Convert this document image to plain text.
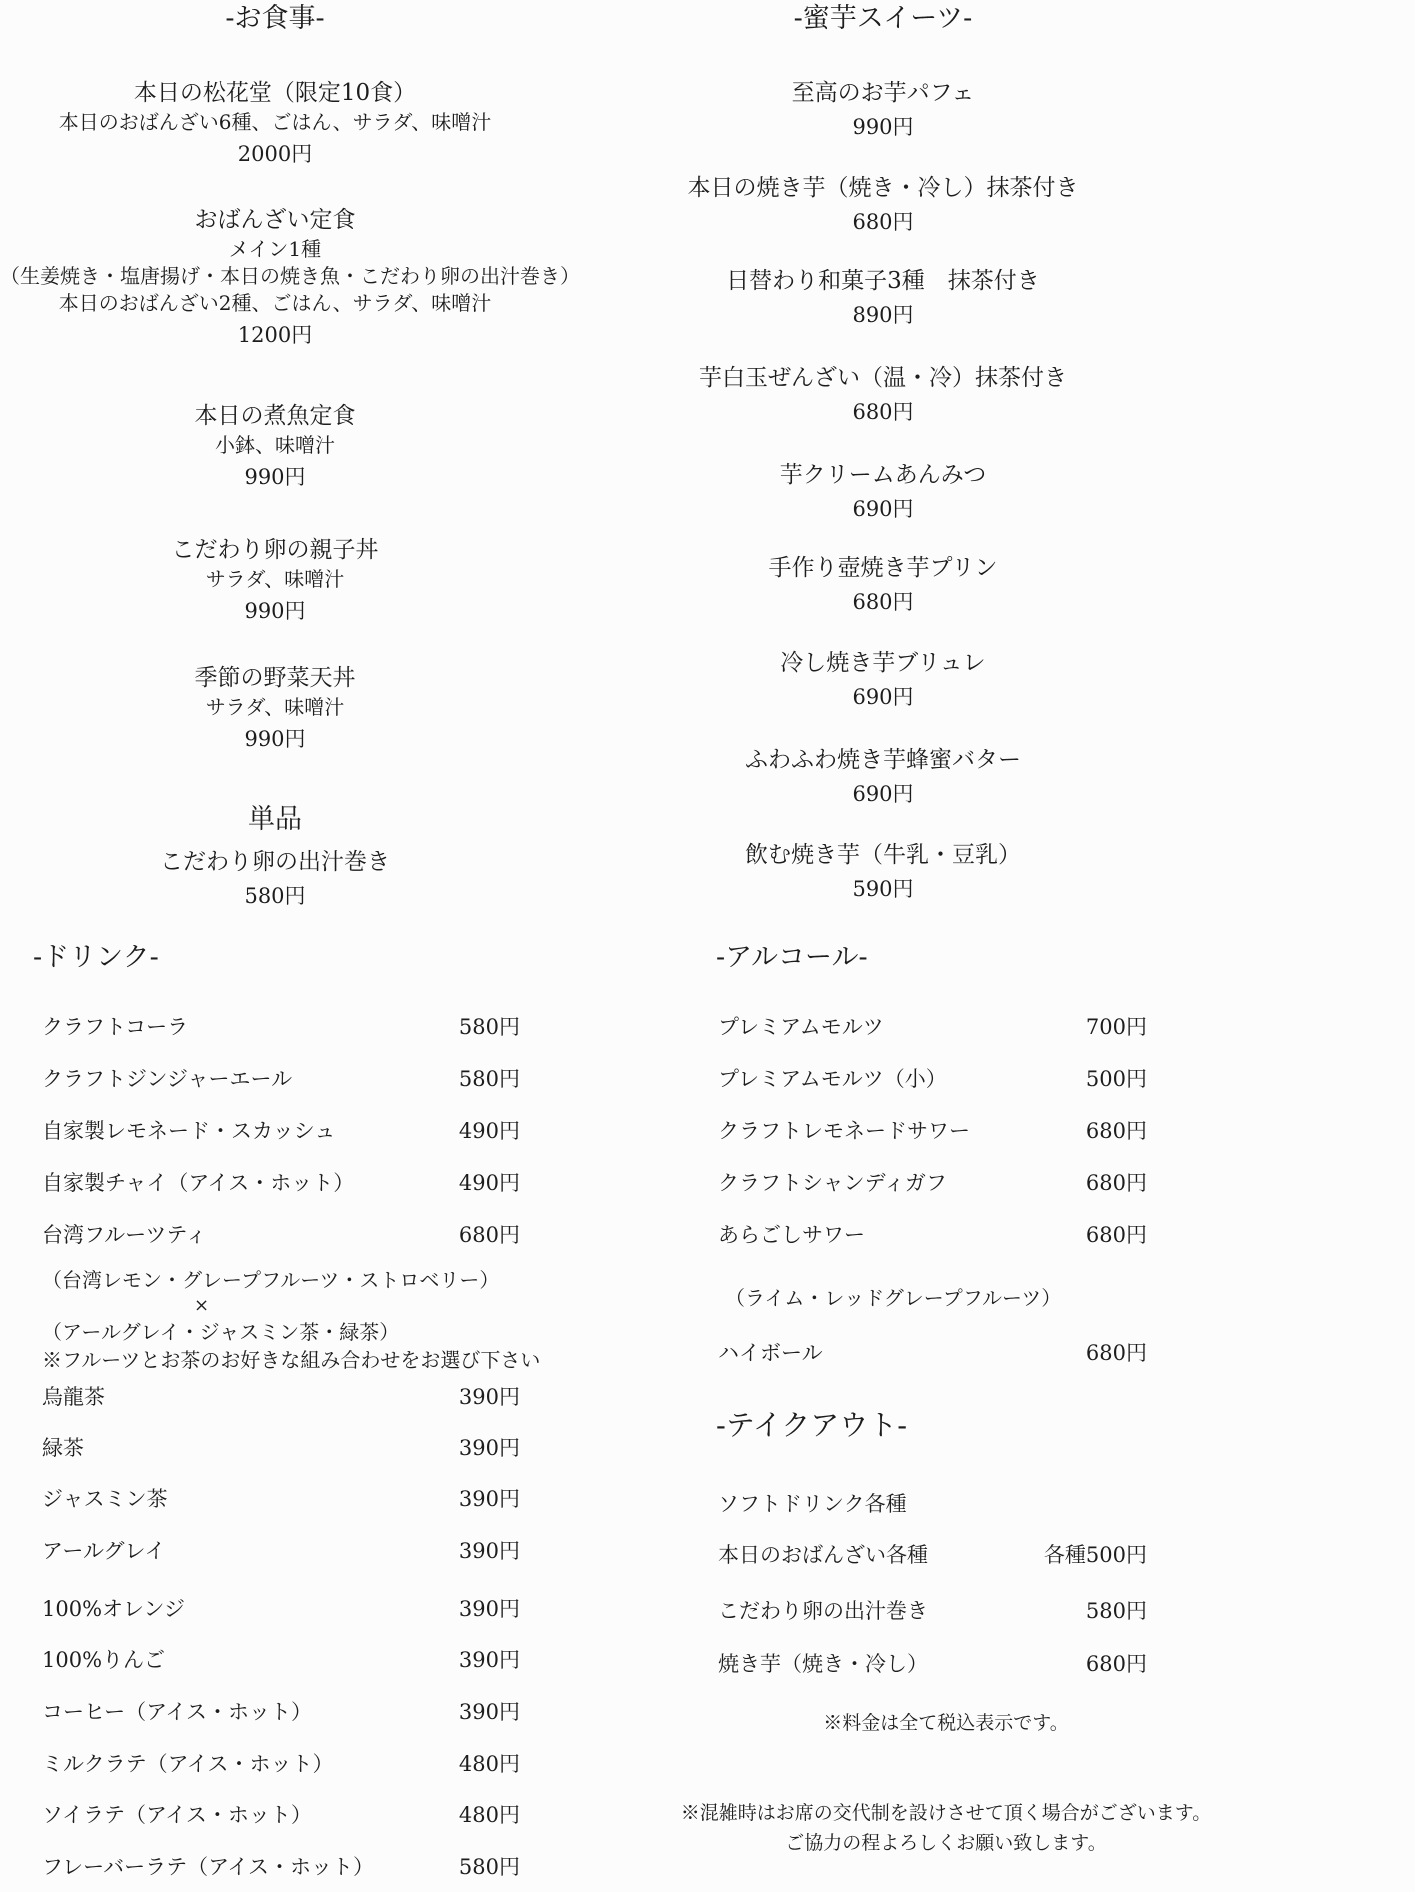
-お食事-
本日の松花堂（限定10食）
本日のおばんざい6種、ごはん、サラダ、味噌汁
2000円
おばんざい定食
メイン1種
（生姜焼き・塩唐揚げ・本日の焼き魚・こだわり卵の出汁巻き）
本日のおばんざい2種、ごはん、サラダ、味噌汁
1200円
本日の煮魚定食
小鉢、味噌汁
990円
こだわり卵の親子丼
サラダ、味噌汁
990円
季節の野菜天丼
サラダ、味噌汁
990円
単品
こだわり卵の出汁巻き
580円
-蜜芋スイーツ-
至高のお芋パフェ
990円
本日の焼き芋（焼き・冷し）抹茶付き
680円
日替わり和菓子3種　抹茶付き
890円
芋白玉ぜんざい（温・冷）抹茶付き
680円
芋クリームあんみつ
690円
手作り壺焼き芋プリン
680円
冷し焼き芋ブリュレ
690円
ふわふわ焼き芋蜂蜜バター
690円
飲む焼き芋（牛乳・豆乳）
590円
-ドリンク-
クラフトコーラ	580円
クラフトジンジャーエール	580円
自家製レモネード・スカッシュ	490円
自家製チャイ（アイス・ホット）	490円
台湾フルーツティ	680円
（台湾レモン・グレープフルーツ・ストロベリー）
×
（アールグレイ・ジャスミン茶・緑茶）
※フルーツとお茶のお好きな組み合わせをお選び下さい
烏龍茶	390円
緑茶	390円
ジャスミン茶	390円
アールグレイ	390円
100%オレンジ	390円
100%りんご	390円
コーヒー（アイス・ホット）	390円
ミルクラテ（アイス・ホット）	480円
ソイラテ（アイス・ホット）	480円
フレーバーラテ（アイス・ホット）	580円
-アルコール-
プレミアムモルツ	700円
プレミアムモルツ（小）	500円
クラフトレモネードサワー	680円
クラフトシャンディガフ	680円
あらごしサワー	680円
（ライム・レッドグレープフルーツ）
ハイボール	680円
-テイクアウト-
ソフトドリンク各種
本日のおばんざい各種	各種500円
こだわり卵の出汁巻き	580円
焼き芋（焼き・冷し）	680円
※料金は全て税込表示です。
※混雑時はお席の交代制を設けさせて頂く場合がございます。
ご協力の程よろしくお願い致します。
